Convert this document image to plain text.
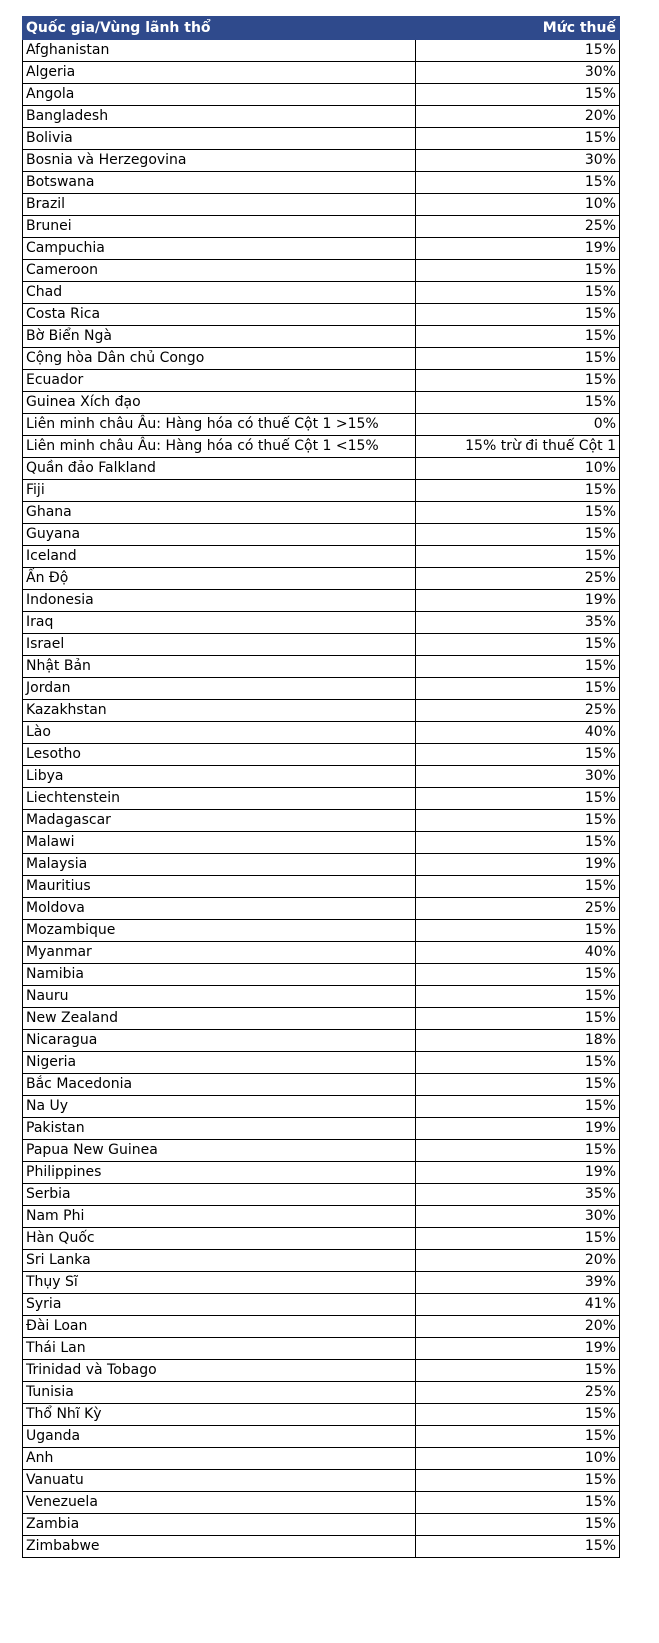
Quốc gia/Vùng lãnh thổ	Mức thuế
Afghanistan	15%
Algeria	30%
Angola	15%
Bangladesh	20%
Bolivia	15%
Bosnia và Herzegovina	30%
Botswana	15%
Brazil	10%
Brunei	25%
Campuchia	19%
Cameroon	15%
Chad	15%
Costa Rica	15%
Bờ Biển Ngà	15%
Cộng hòa Dân chủ Congo	15%
Ecuador	15%
Guinea Xích đạo	15%
Liên minh châu Âu: Hàng hóa có thuế Cột 1 >15%	0%
Liên minh châu Âu: Hàng hóa có thuế Cột 1 <15%	15% trừ đi thuế Cột 1
Quần đảo Falkland	10%
Fiji	15%
Ghana	15%
Guyana	15%
Iceland	15%
Ấn Độ	25%
Indonesia	19%
Iraq	35%
Israel	15%
Nhật Bản	15%
Jordan	15%
Kazakhstan	25%
Lào	40%
Lesotho	15%
Libya	30%
Liechtenstein	15%
Madagascar	15%
Malawi	15%
Malaysia	19%
Mauritius	15%
Moldova	25%
Mozambique	15%
Myanmar	40%
Namibia	15%
Nauru	15%
New Zealand	15%
Nicaragua	18%
Nigeria	15%
Bắc Macedonia	15%
Na Uy	15%
Pakistan	19%
Papua New Guinea	15%
Philippines	19%
Serbia	35%
Nam Phi	30%
Hàn Quốc	15%
Sri Lanka	20%
Thụy Sĩ	39%
Syria	41%
Đài Loan	20%
Thái Lan	19%
Trinidad và Tobago	15%
Tunisia	25%
Thổ Nhĩ Kỳ	15%
Uganda	15%
Anh	10%
Vanuatu	15%
Venezuela	15%
Zambia	15%
Zimbabwe	15%
